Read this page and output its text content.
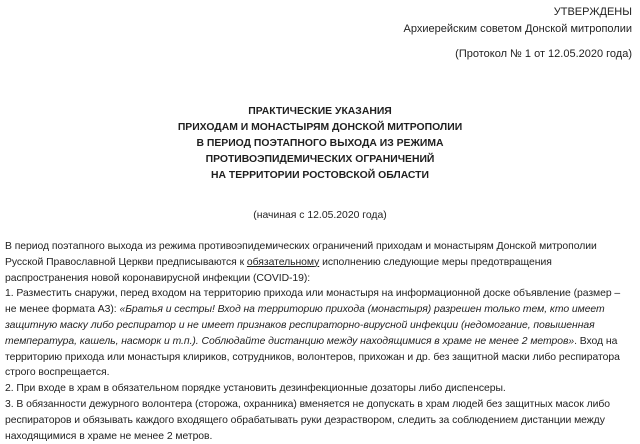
УТВЕРЖДЕНЫ
Архиерейским советом Донской митрополии
(Протокол № 1 от 12.05.2020 года)
ПРАКТИЧЕСКИЕ УКАЗАНИЯ
ПРИХОДАМ И МОНАСТЫРЯМ ДОНСКОЙ МИТРОПОЛИИ
В ПЕРИОД ПОЭТАПНОГО ВЫХОДА ИЗ РЕЖИМА
ПРОТИВОЭПИДЕМИЧЕСКИХ ОГРАНИЧЕНИЙ
НА ТЕРРИТОРИИ РОСТОВСКОЙ ОБЛАСТИ
(начиная с 12.05.2020 года)

В период поэтапного выхода из режима противоэпидемических ограничений приходам и монастырям Донской митрополии Русской Православной Церкви предписываются к обязательному исполнению следующие меры предотвращения распространения новой коронавирусной инфекции (COVID-19):

1. Разместить снаружи, перед входом на территорию прихода или монастыря на информационной доске объявление (размер – не менее формата А3): «Братья и сестры! Вход на территорию прихода (монастыря) разрешен только тем, кто имеет защитную маску либо респиратор и не имеет признаков респираторно-вирусной инфекции (недомогание, повышенная температура, кашель, насморк и т.п.). Соблюдайте дистанцию между находящимися в храме не менее 2 метров». Вход на территорию прихода или монастыря клириков, сотрудников, волонтеров, прихожан и др. без защитной маски либо респиратора строго воспрещается.

2. При входе в храм в обязательном порядке установить дезинфекционные дозаторы либо диспенсеры.

3. В обязанности дежурного волонтера (сторожа, охранника) вменяется не допускать в храм людей без защитных масок либо респираторов и обязывать каждого входящего обрабатывать руки дезраствором, следить за соблюдением дистанции между находящимися в храме не менее 2 метров.
